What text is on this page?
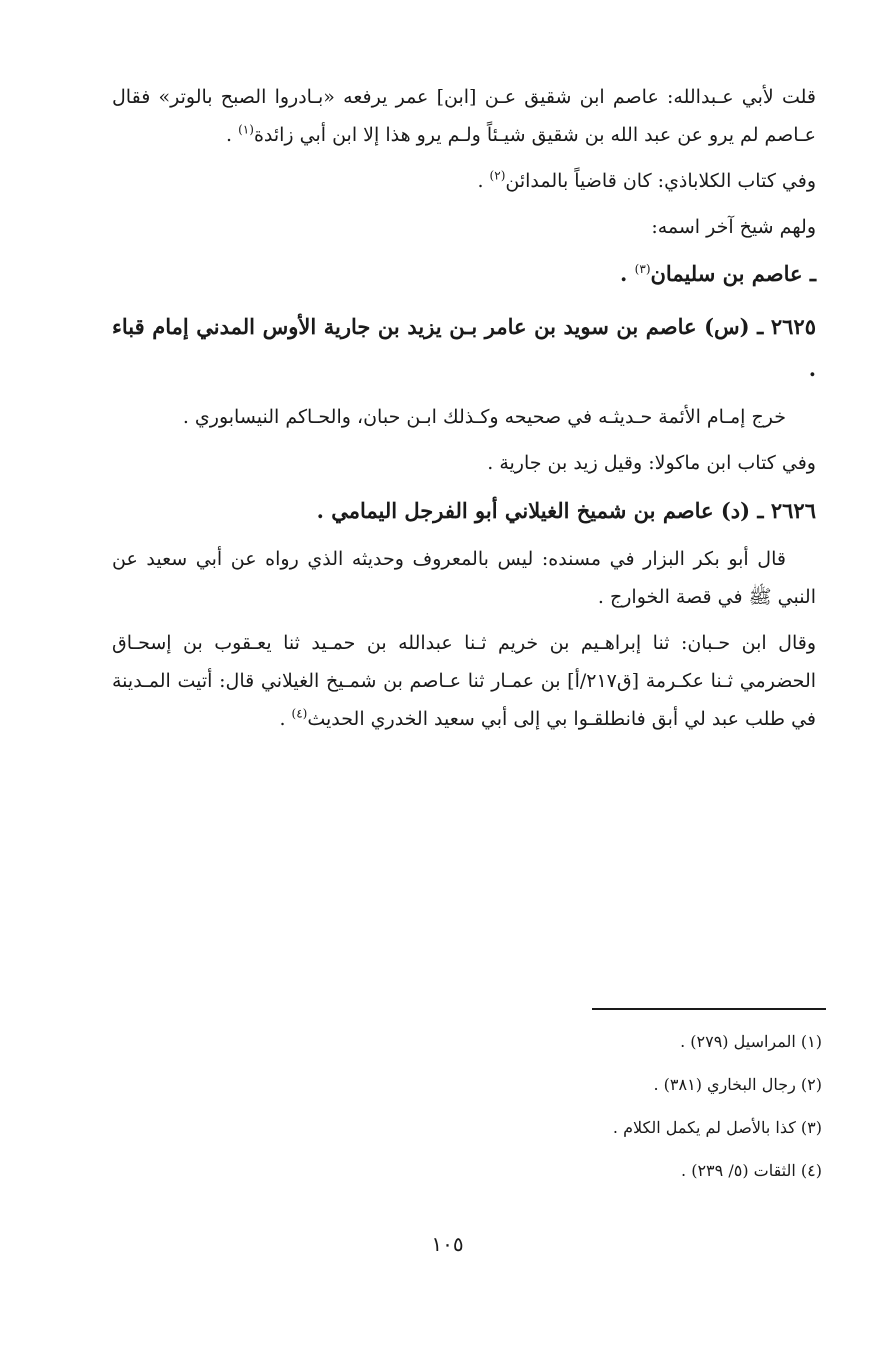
قلت لأبي عـبدالله: عاصم ابن شقيق عـن [ابن] عمر يرفعه «بـادروا الصبح بالوتر» فقال عـاصم لم يرو عن عبد الله بن شقيق شيـئاً ولـم يرو هذا إلا ابن أبي زائدة$^{(١)}$ .

وفي كتاب الكلاباذي: كان قاضياً بالمدائن$^{(٢)}$ .

ولهم شيخ آخر اسمه:

ـ عاصم بن سليمان$^{(٣)}$ .

٢٦٢٥ ـ (س) عاصم بن سويد بن عامر بـن يزيد بن جارية الأوس المدني إمام قباء .

خرج إمـام الأئمة حـديثـه في صحيحه وكـذلك ابـن حبان، والحـاكم النيسابوري .

وفي كتاب ابن ماكولا: وقيل زيد بن جارية .

٢٦٢٦ ـ (د) عاصم بن شميخ الغيلاني أبو الفرجل اليمامي .

قال أبو بكر البزار في مسنده: ليس بالمعروف وحديثه الذي رواه عن أبي سعيد عن النبي ﷺ في قصة الخوارج .

وقال ابن حـبان: ثنا إبراهـيم بن خريم ثـنا عبدالله بن حمـيد ثنا يعـقوب بن إسحـاق الحضرمي ثـنا عكـرمة [ق٢١٧/أ] بن عمـار ثنا عـاصم بن شمـيخ الغيلاني قال: أتيت المـدينة في طلب عبد لي أبق فانطلقـوا بي إلى أبي سعيد الخدري الحديث$^{(٤)}$ .

(١) المراسيل (٢٧٩) .

(٢) رجال البخاري (٣٨١) .

(٣) كذا بالأصل لم يكمل الكلام .

(٤) الثقات (٥/ ٢٣٩) .

١٠٥
